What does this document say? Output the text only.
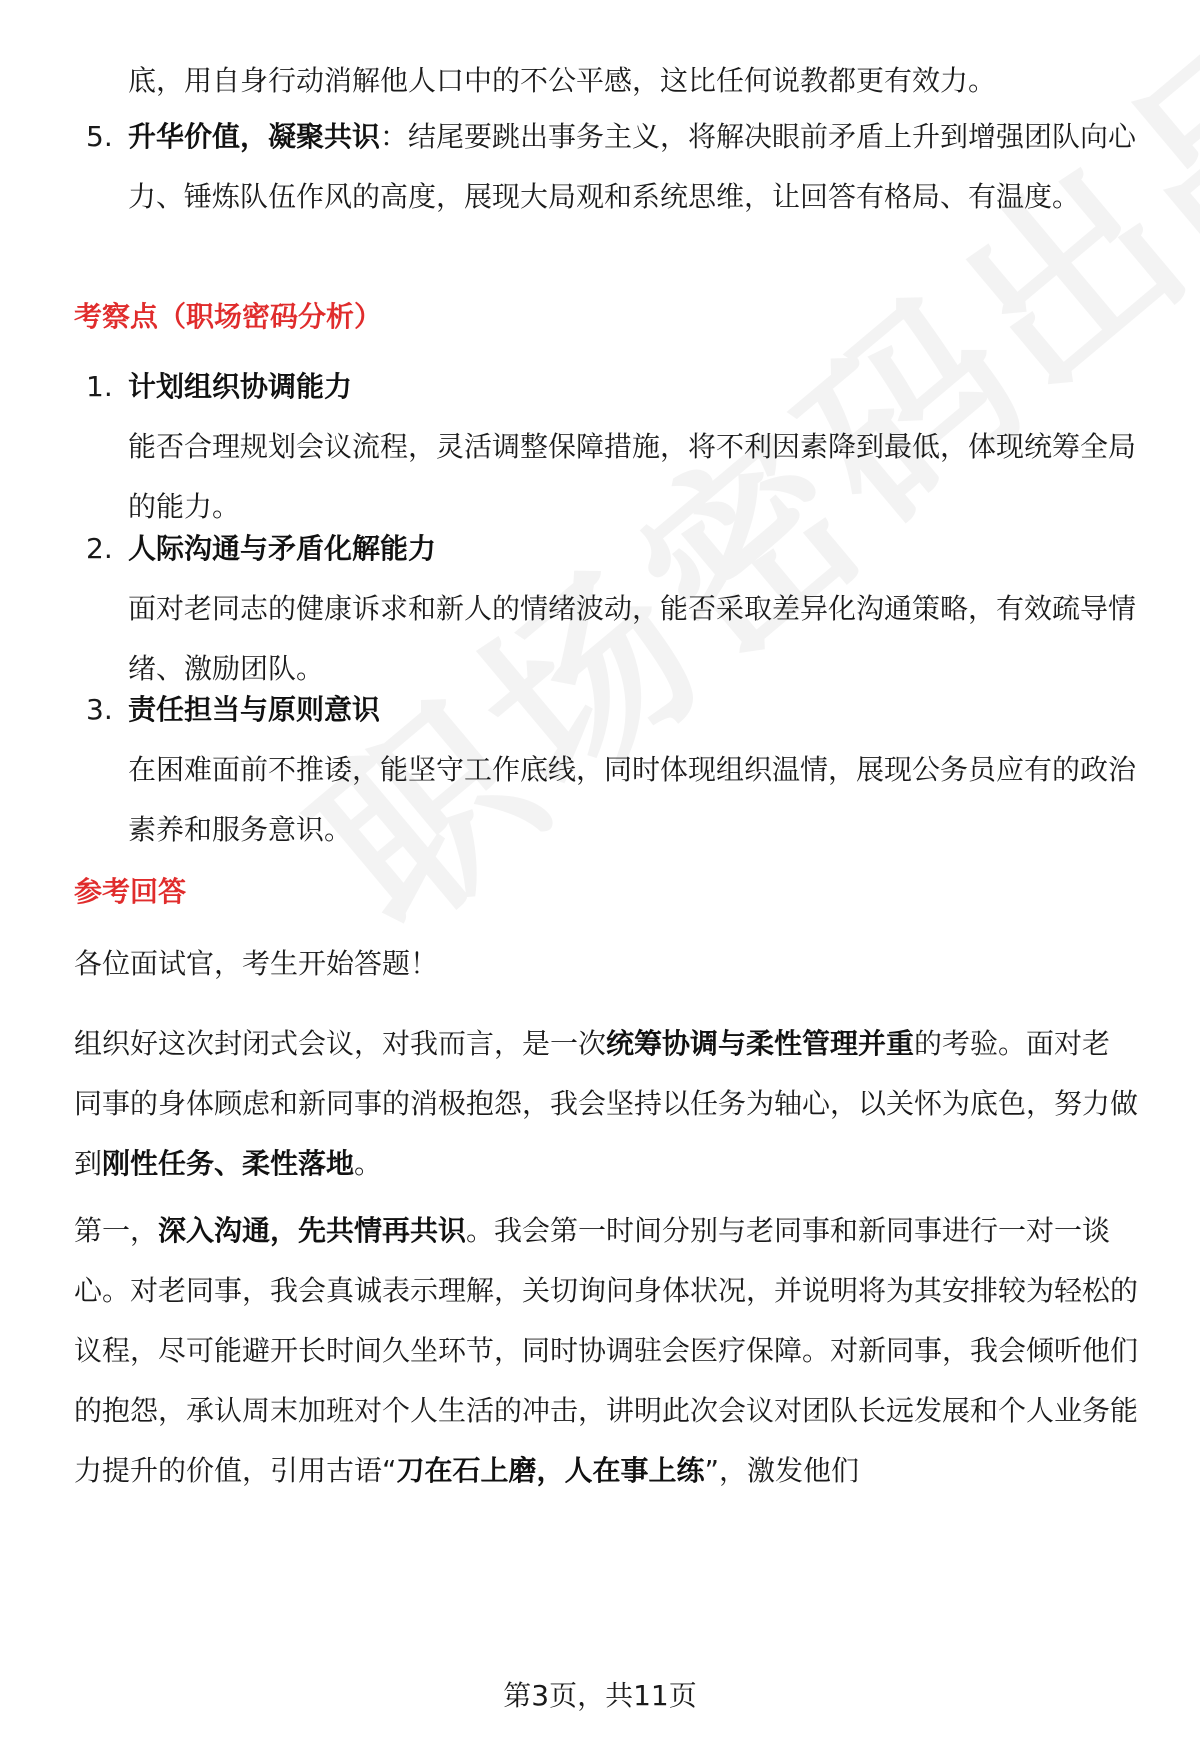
底，用自身行动消解他人口中的不公平感，这比任何说教都更有效力。

5. 升华价值，凝聚共识：结尾要跳出事务主义，将解决眼前矛盾上升到增强团队向心力、锤炼队伍作风的高度，展现大局观和系统思维，让回答有格局、有温度。
考察点（职场密码分析）
1. 计划组织协调能力
能否合理规划会议流程，灵活调整保障措施，将不利因素降到最低，体现统筹全局的能力。
2. 人际沟通与矛盾化解能力
面对老同志的健康诉求和新人的情绪波动，能否采取差异化沟通策略，有效疏导情绪、激励团队。
3. 责任担当与原则意识
在困难面前不推诿，能坚守工作底线，同时体现组织温情，展现公务员应有的政治素养和服务意识。
参考回答

各位面试官，考生开始答题！

组织好这次封闭式会议，对我而言，是一次统筹协调与柔性管理并重的考验。面对老同事的身体顾虑和新同事的消极抱怨，我会坚持以任务为轴心，以关怀为底色，努力做到刚性任务、柔性落地。

第一，深入沟通，先共情再共识。我会第一时间分别与老同事和新同事进行一对一谈心。对老同事，我会真诚表示理解，关切询问身体状况，并说明将为其安排较为轻松的议程，尽可能避开长时间久坐环节，同时协调驻会医疗保障。对新同事，我会倾听他们的抱怨，承认周末加班对个人生活的冲击，讲明此次会议对团队长远发展和个人业务能力提升的价值，引用古语“刀在石上磨，人在事上练”，激发他们

第3页，共11页
